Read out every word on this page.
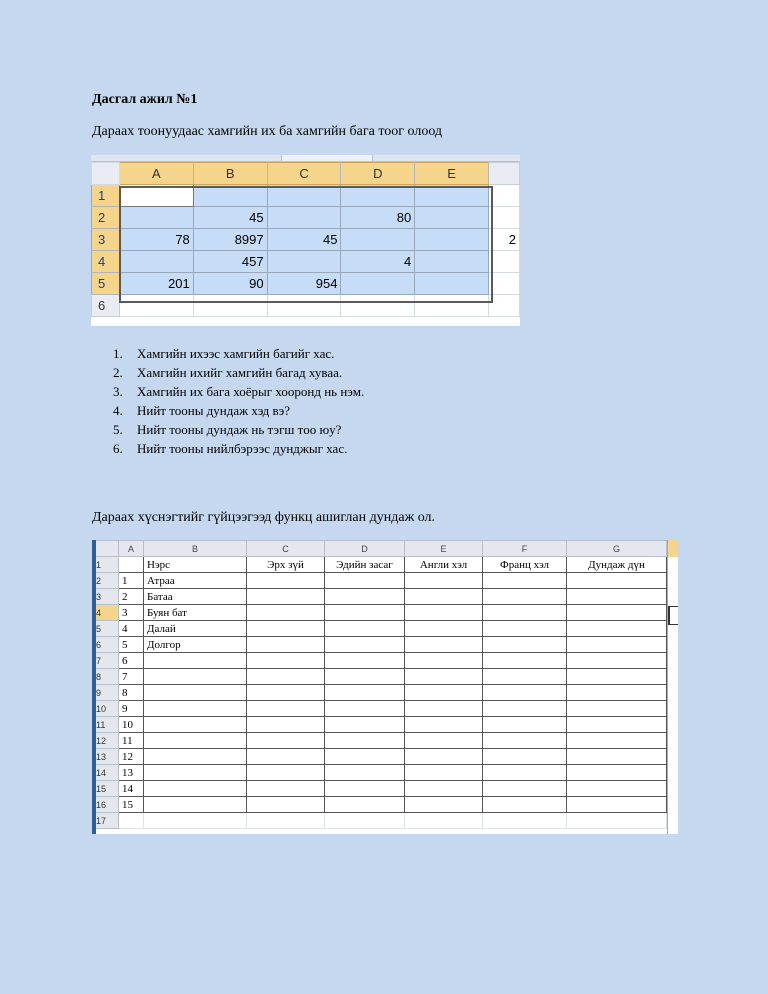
Дасгал ажил №1
Дараах тоонуудаас хамгийн их ба хамгийн бага тоог олоод
	A	B	C	D	E	
1						
2		45		80		
3	78	8997	45			2
4		457		4		
5	201	90	954			
6						
1. Хамгийн ихээс хамгийн багийг хас.
2. Хамгийн ихийг хамгийн багад хуваа.
3. Хамгийн их бага хоёрыг хооронд нь нэм.
4. Нийт тооны дундаж хэд вэ?
5. Нийт тооны дундаж нь тэгш тоо юу?
6. Нийт тооны нийлбэрээс дунджыг хас.
Дараах хүснэгтийг гүйцээгээд функц ашиглан дундаж ол.
	A	B	C	D	E	F	G
1		Нэрс	Эрх зүй	Эдийн засаг	Англи хэл	Франц хэл	Дундаж дүн
2	1	Атраа					
3	2	Батаа					
4	3	Буян бат					
5	4	Далай					
6	5	Долгор					
7	6						
8	7						
9	8						
10	9						
11	10						
12	11						
13	12						
14	13						
15	14						
16	15						
17							
